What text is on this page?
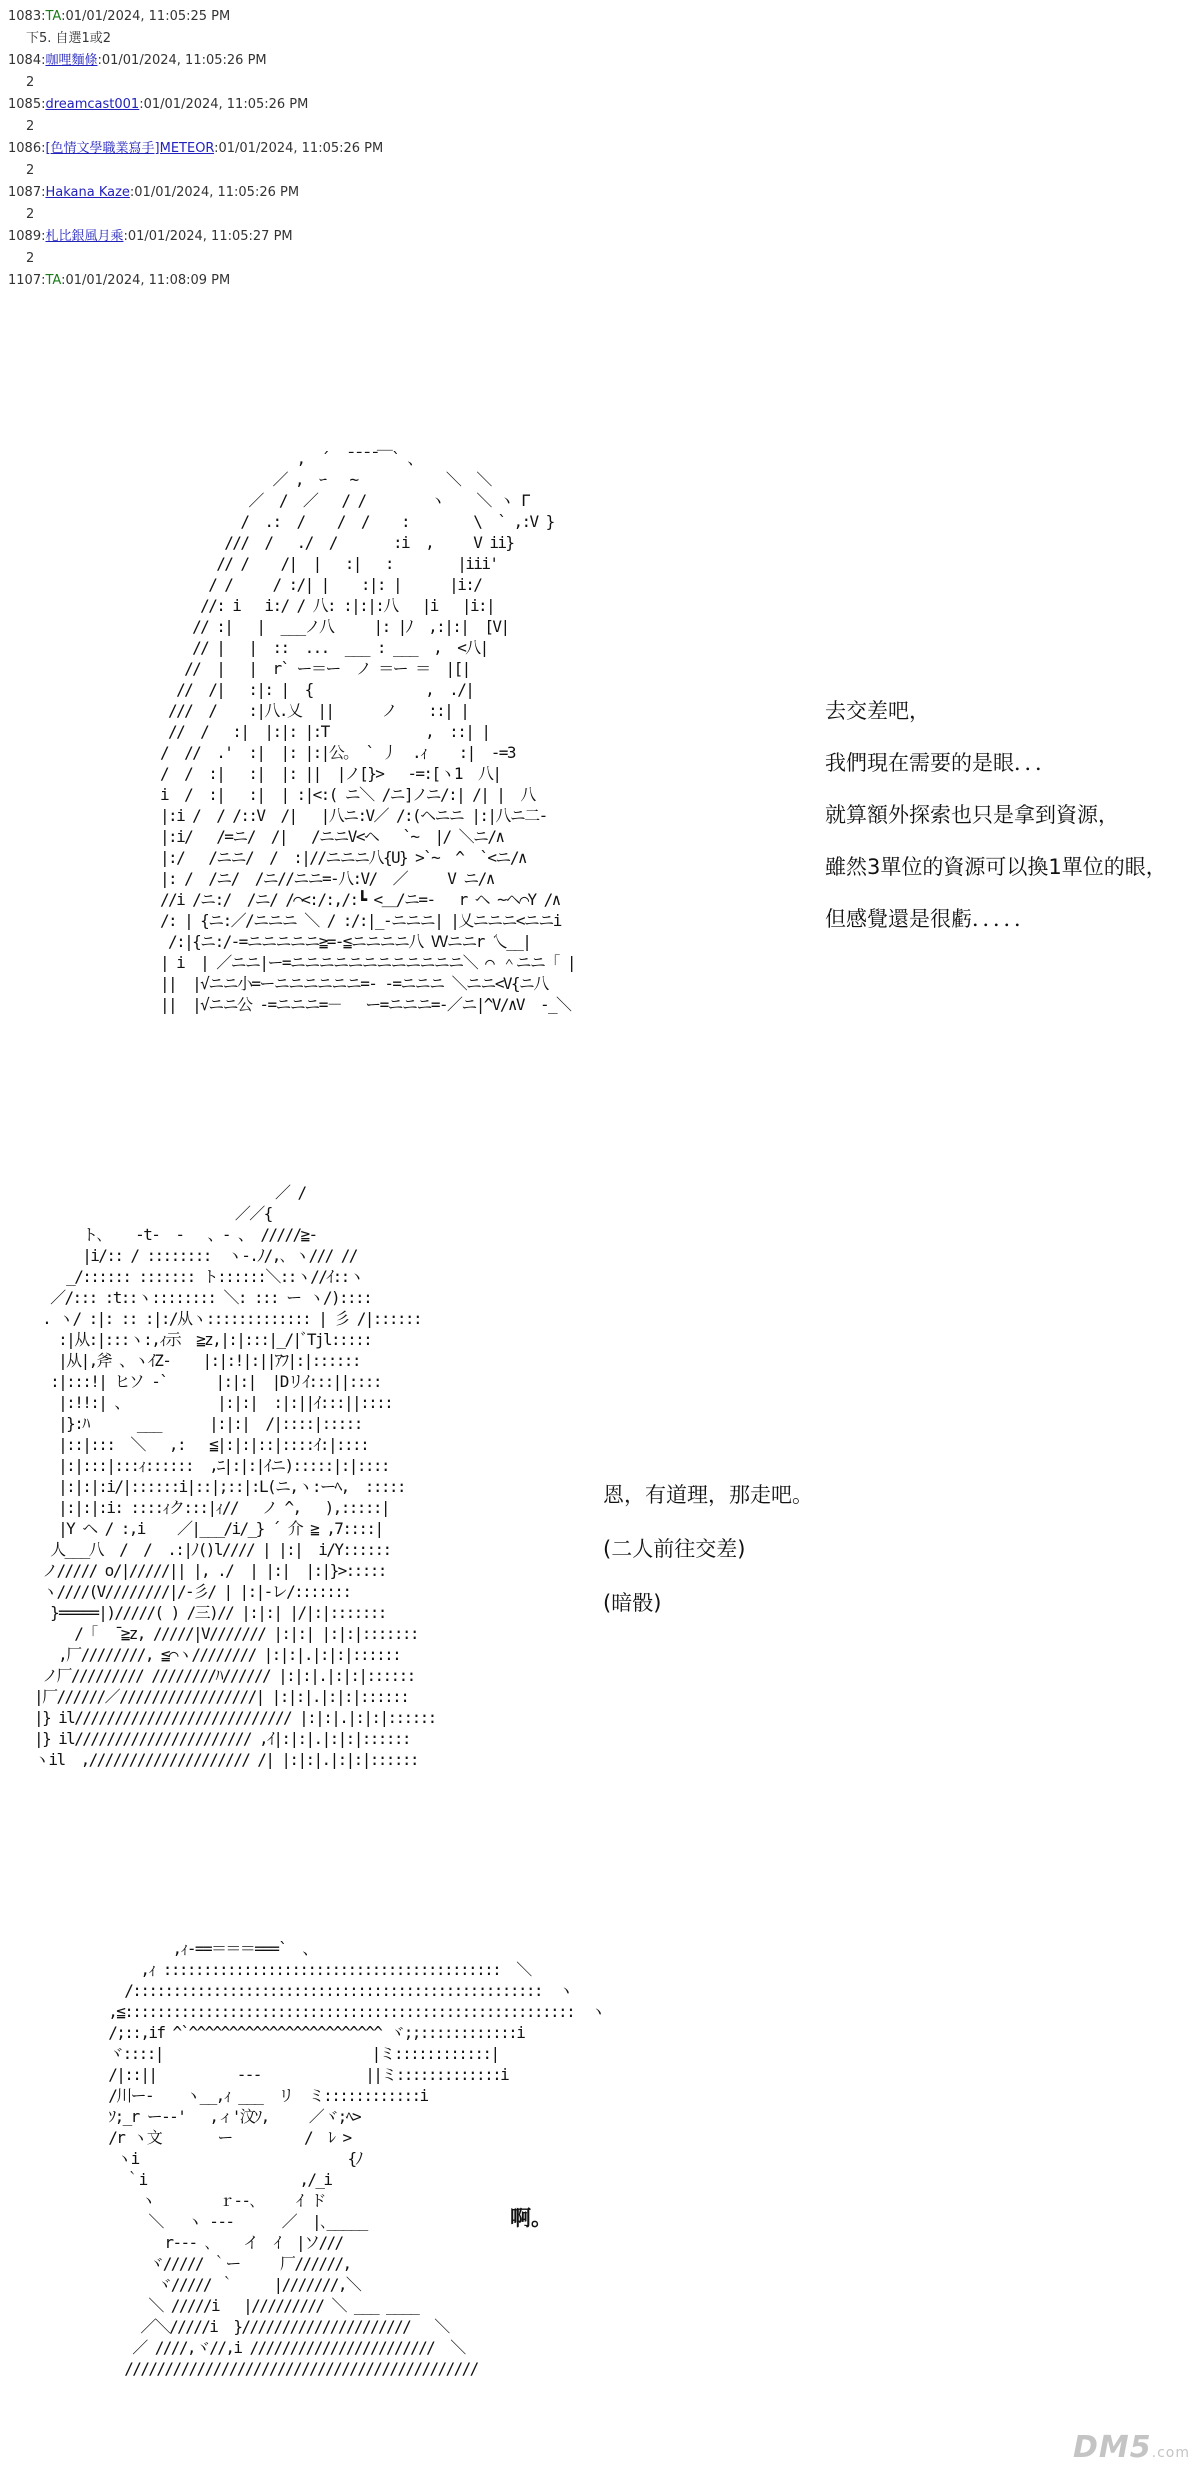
1083:TA:01/01/2024, 11:05:25 PM
下5. 自選1或2
1084:咖哩麵條:01/01/2024, 11:05:26 PM
2
1085:dreamcast001:01/01/2024, 11:05:26 PM
2
1086:[色情文學職業寫手]METEOR:01/01/2024, 11:05:26 PM
2
1087:Hakana Kaze:01/01/2024, 11:05:26 PM
2
1089:札比銀風月乘:01/01/2024, 11:05:27 PM
2
1107:TA:01/01/2024, 11:08:09 PM
,  ´  ̄ ̄ ̄ ̄ ￣` 、
／ ,  ｰ   ~           ＼  ＼
／  /  ／   / /        ヽ    ＼ ヽ Γ
/  .:  /    /  /    :        \  ` ,:V }
///  /   ./  /       :i  ,     V ii}
// /    /|  |   :|   :        |iii'
/ /     / :/| |    :|: |      |i:/
//: i   i:/ / 八: :|:|:八   |i   |i:|
// :|   |  ___ノ八     |: |ﾉ  ,:|:|  [V|
// |   |  ::  ...  ___ : ___  ,  <八|
//  |   |  r` ー＝ー  ノ ＝ー ＝  |[|
//  /|   :|: |  {              ,  ./|
///  /    :|八.乂  ||      ノ    ::| |
//  /   :|  |:|: |:T            ,  ::| |
/  //  .'  :|  |: |:|公。 ` 丿  .ｨ    :|  -=3
/  /  :|   :|  |: ||  |ノ[}>   -=:[ヽ1  八|
i  /  :|   :|  | :|<:( ニ＼ /ニ]ノニ/:| /| |  八
|:i /  / /::V  /|   |八ニ:V／ /:(ヘニニ |:|八ニ二-
|:i/   /=ニ/  /|   /ニニV<ヘ   `~  |/ ＼ニ/∧
|:/   /ニニ/  /  :|//ニニニ八{U} >`~  ^  `<ニ/∧
|: /  /ニ/  /ニ//ニニ=-八:V/  ／     V ニ/∧
//i /ニ:/  /ニ/ /⌒<:/:,/:┗ <＿/ニ=-   r ヘ ~ヘ⌒Y /∧
/: | {ニ:／/ニニニ ＼ / :/:|_-ニニニ| |乂ニニニ<ニニi
/:|{ニ:/-=ニニニニニ≧=-≦ニニニニ八 VVニニr 乀__|
| i  | ／ニニ|ー=ニニニニニニニニニニニニ＼ ⌒ ＾ニニ「 |
||  |√ニニ小=ーニニニニニニ=- -=ニニニ ＼ニニ<V{ニ八
||  |√ニニ公 -=ニニニ=－   ー=ニニニ=-／ニ|^V/∧V  -_＼
／ /
／／{
ト､    -t-  -   、- 、 /////≧-
|i/:: / ::::::::  ヽ-.ﾉ/,､ ヽ/// //
_/:::::: ::::::: ト::::::＼::ヽ//ｲ::ヽ
／/::: :t::ヽ:::::::: ＼: ::: ー ヽ/)::::
. ヽ/ :|: :: :|:/从ヽ::::::::::::: | 彡 /|::::::
:|从:|:::ヽ:,ｨ示  ≧z,|:|:::|_/|ﾞTjl:::::
|从|,斧 、ヽｲZ‐    |:|:!|:||ｱﾌ|:|::::::
:|:::!| ヒソ ‐`      |:|:|  |Dリｲ:::||::::
|:!!:| 、           |:|:|  :|:||ｲ:::||::::
|}:ﾊ      ___      |:|:|  /|::::|:::::
|::|:::  ＼   ,:   ≦|:|:|::|::::ｲ:|::::
|:|:::|:::ｨ::::::  ,ﾆ|:|:|ｲニ):::::|:|::::
|:|:|:i/|::::::i|::|;::|:L(ニ,ヽ:ーﾍ,  :::::
|:|:|:i: ::::ｨク:::|ｨ//   ノ ^,   ),:::::|
|Y ヘ / :,i    ／|___/i/_} ´ 介 ≧ ,7::::|
人___八  /  /  .:|ﾉ()l//// | |:|  i/Y::::::
ノ///// o/|/////|| |, ./  | |:|  |:|}>:::::
ヽ////(V////////|/-彡/ | |:|-レ/:::::::
}=====|)/////( ) /三)// |:|:| |/|:|:::::::
/「  ̄ ≧z, /////|V/////// |:|:| |:|:|:::::::
,厂////////, ≦⌒ヽ//////// |:|:|.|:|:|::::::
ノ厂///////// ////////ﾊ////// |:|:|.|:|:|::::::
|厂//////／/////////////////| |:|:|.|:|:|::::::
|} il/////////////////////////// |:|:|.|:|:|::::::
|} il////////////////////// ,ｲ|:|:|.|:|:|::::::
ヽil  ,//////////////////// /| |:|:|.|:|:|::::::
,ｨ-==＝＝＝===`  、
,ｨ ::::::::::::::::::::::::::::::::::::::::::  ＼
/:::::::::::::::::::::::::::::::::::::::::::::::::::  ヽ
,≦::::::::::::::::::::::::::::::::::::::::::::::::::::::::  ヽ
/;::,if ^`^^^^^^^^^^^^^^^^^^^^^^^^ ヾ;;::::::::::::i
ヾ::::|                          |ミ::::::::::::|
/|::||          ---             ||ミ:::::::::::::i
/川ー-    ヽ__,ｨ ___  リ  ミ::::::::::::i
ｿ;_r ー--'   ,ィ'汶ｿ,     ／ヾ;ﾍ>
/r ヽ文       ー         /  ﾚ >
ヽi                          {ﾉ
｀i                   ,/_i
ヽ        ｒ--､     ｲ ド
＼   ヽ ---      ／  |､_____
r--- ､    イ  ｲ  |ソ///
ヾ///// ｀ー     厂//////,
ヾ///// ｀     |///////,＼
＼ /////i   |///////// ＼ ___ ____
／＼/////i  }/////////////////////   ＼
／ ////,ヾ//,i ///////////////////////  ＼
////////////////////////////////////////////
去交差吧，
我們現在需要的是眼．．．
就算額外探索也只是拿到資源，
雖然3單位的資源可以換1單位的眼，
但感覺還是很虧．．．．．
恩，有道理，那走吧。
(二人前往交差)
(暗骰)
啊。
DM5.com
